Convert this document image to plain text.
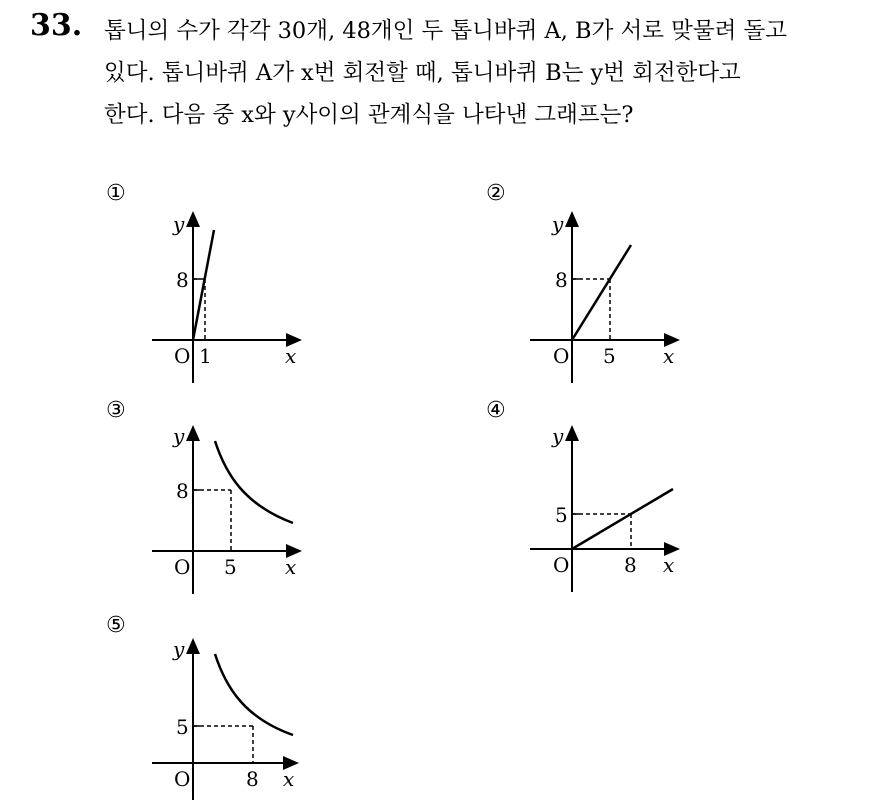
33. 톱니의 수가 각각 30개, 48개인 두 톱니바퀴 A, B가 서로 맞물려 돌고
있다. 톱니바퀴 A가 x번 회전할 때, 톱니바퀴 B는 y번 회전한다고
한다. 다음 중 x와 y사이의 관계식을 나타낸 그래프는?
①
O 1
8
x
y
②
O 5
8
x
y
③
O 5
8
x
y
④
O	8
5
x
y
⑤
O	8
5
x
y
